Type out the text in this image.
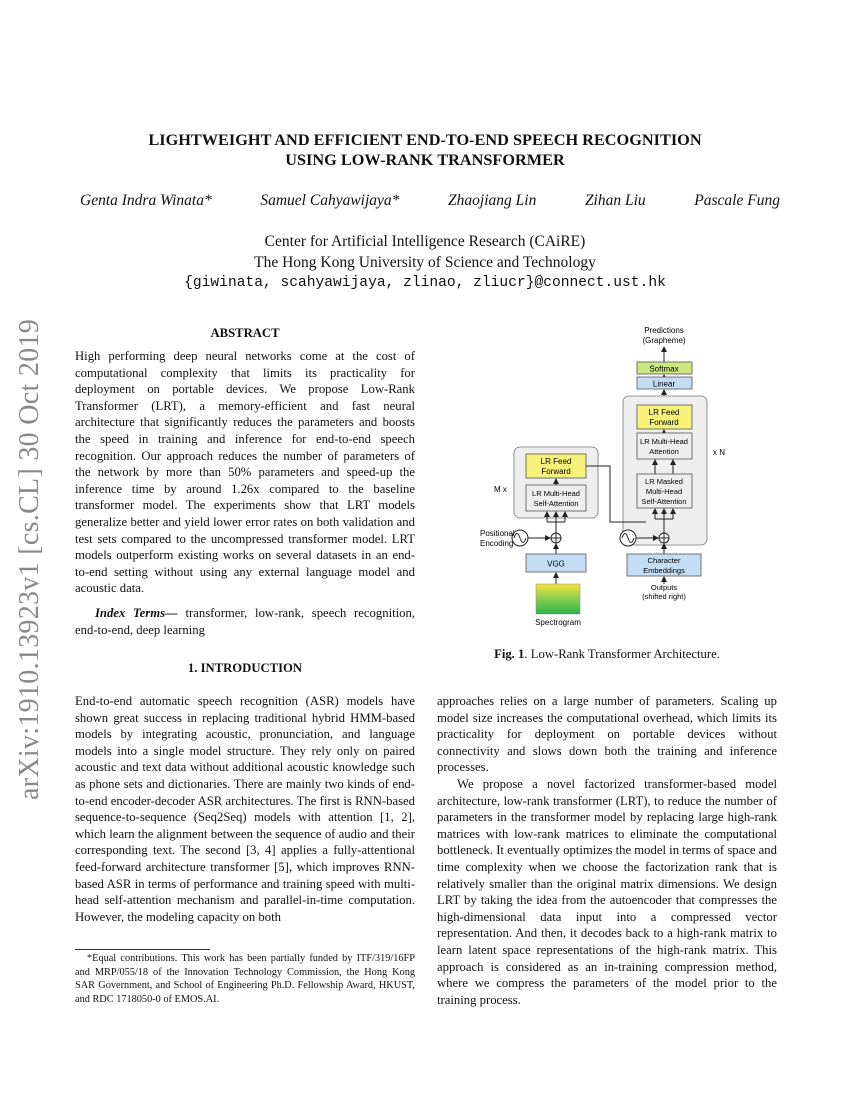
arXiv:1910.13923v1 [cs.CL] 30 Oct 2019
LIGHTWEIGHT AND EFFICIENT END-TO-END SPEECH RECOGNITION
USING LOW-RANK TRANSFORMER
Genta Indra Winata*	Samuel Cahyawijaya*	Zhaojiang Lin	Zihan Liu	Pascale Fung
Center for Artificial Intelligence Research (CAiRE)
The Hong Kong University of Science and Technology
{giwinata, scahyawijaya, zlinao, zliucr}@connect.ust.hk
ABSTRACT

High performing deep neural networks come at the cost of computational complexity that limits its practicality for deployment on portable devices. We propose Low-Rank Transformer (LRT), a memory-efficient and fast neural architecture that significantly reduces the parameters and boosts the speed in training and inference for end-to-end speech recognition. Our approach reduces the number of parameters of the network by more than 50% parameters and speed-up the inference time by around 1.26x compared to the baseline transformer model. The experiments show that LRT models generalize better and yield lower error rates on both validation and test sets compared to the uncompressed transformer model. LRT models outperform existing works on several datasets in an end-to-end setting without using any external language model and acoustic data.

Index Terms— transformer, low-rank, speech recognition, end-to-end, deep learning

1. INTRODUCTION

End-to-end automatic speech recognition (ASR) models have shown great success in replacing traditional hybrid HMM-based models by integrating acoustic, pronunciation, and language models into a single model structure. They rely only on paired acoustic and text data without additional acoustic knowledge such as phone sets and dictionaries. There are mainly two kinds of end-to-end encoder-decoder ASR architectures. The first is RNN-based sequence-to-sequence (Seq2Seq) models with attention [1, 2], which learn the alignment between the sequence of audio and their corresponding text. The second [3, 4] applies a fully-attentional feed-forward architecture transformer [5], which improves RNN-based ASR in terms of performance and training speed with multi-head self-attention mechanism and parallel-in-time computation. However, the modeling capacity on both

*Equal contributions. This work has been partially funded by ITF/319/16FP and MRP/055/18 of the Innovation Technology Commission, the Hong Kong SAR Government, and School of Engineering Ph.D. Fellowship Award, HKUST, and RDC 1718050-0 of EMOS.AI.

approaches relies on a large number of parameters. Scaling up model size increases the computational overhead, which limits its practicality for deployment on portable devices without connectivity and slows down both the training and inference processes.

We propose a novel factorized transformer-based model architecture, low-rank transformer (LRT), to reduce the number of parameters in the transformer model by replacing large high-rank matrices with low-rank matrices to eliminate the computational bottleneck. It eventually optimizes the model in terms of space and time complexity when we choose the factorization rank that is relatively smaller than the original matrix dimensions. We design LRT by taking the idea from the autoencoder that compresses the high-dimensional data input into a compressed vector representation. And then, it decodes back to a high-rank matrix to learn latent space representations of the high-rank matrix. This approach is considered as an in-training compression method, where we compress the parameters of the model prior to the training process.

Predictions
(Grapheme)
Softmax
Linear
x N
LR Feed
Forward
LR Multi-Head
Attention
LR Masked
Multi-Head
Self-Attention
M x
LR Feed
Forward
LR Multi-Head
Self-Attention
Positional
Encoding
VGG
Spectrogram
Character
Embeddings
Outputs
(shifted right)
Fig. 1. Low-Rank Transformer Architecture.
